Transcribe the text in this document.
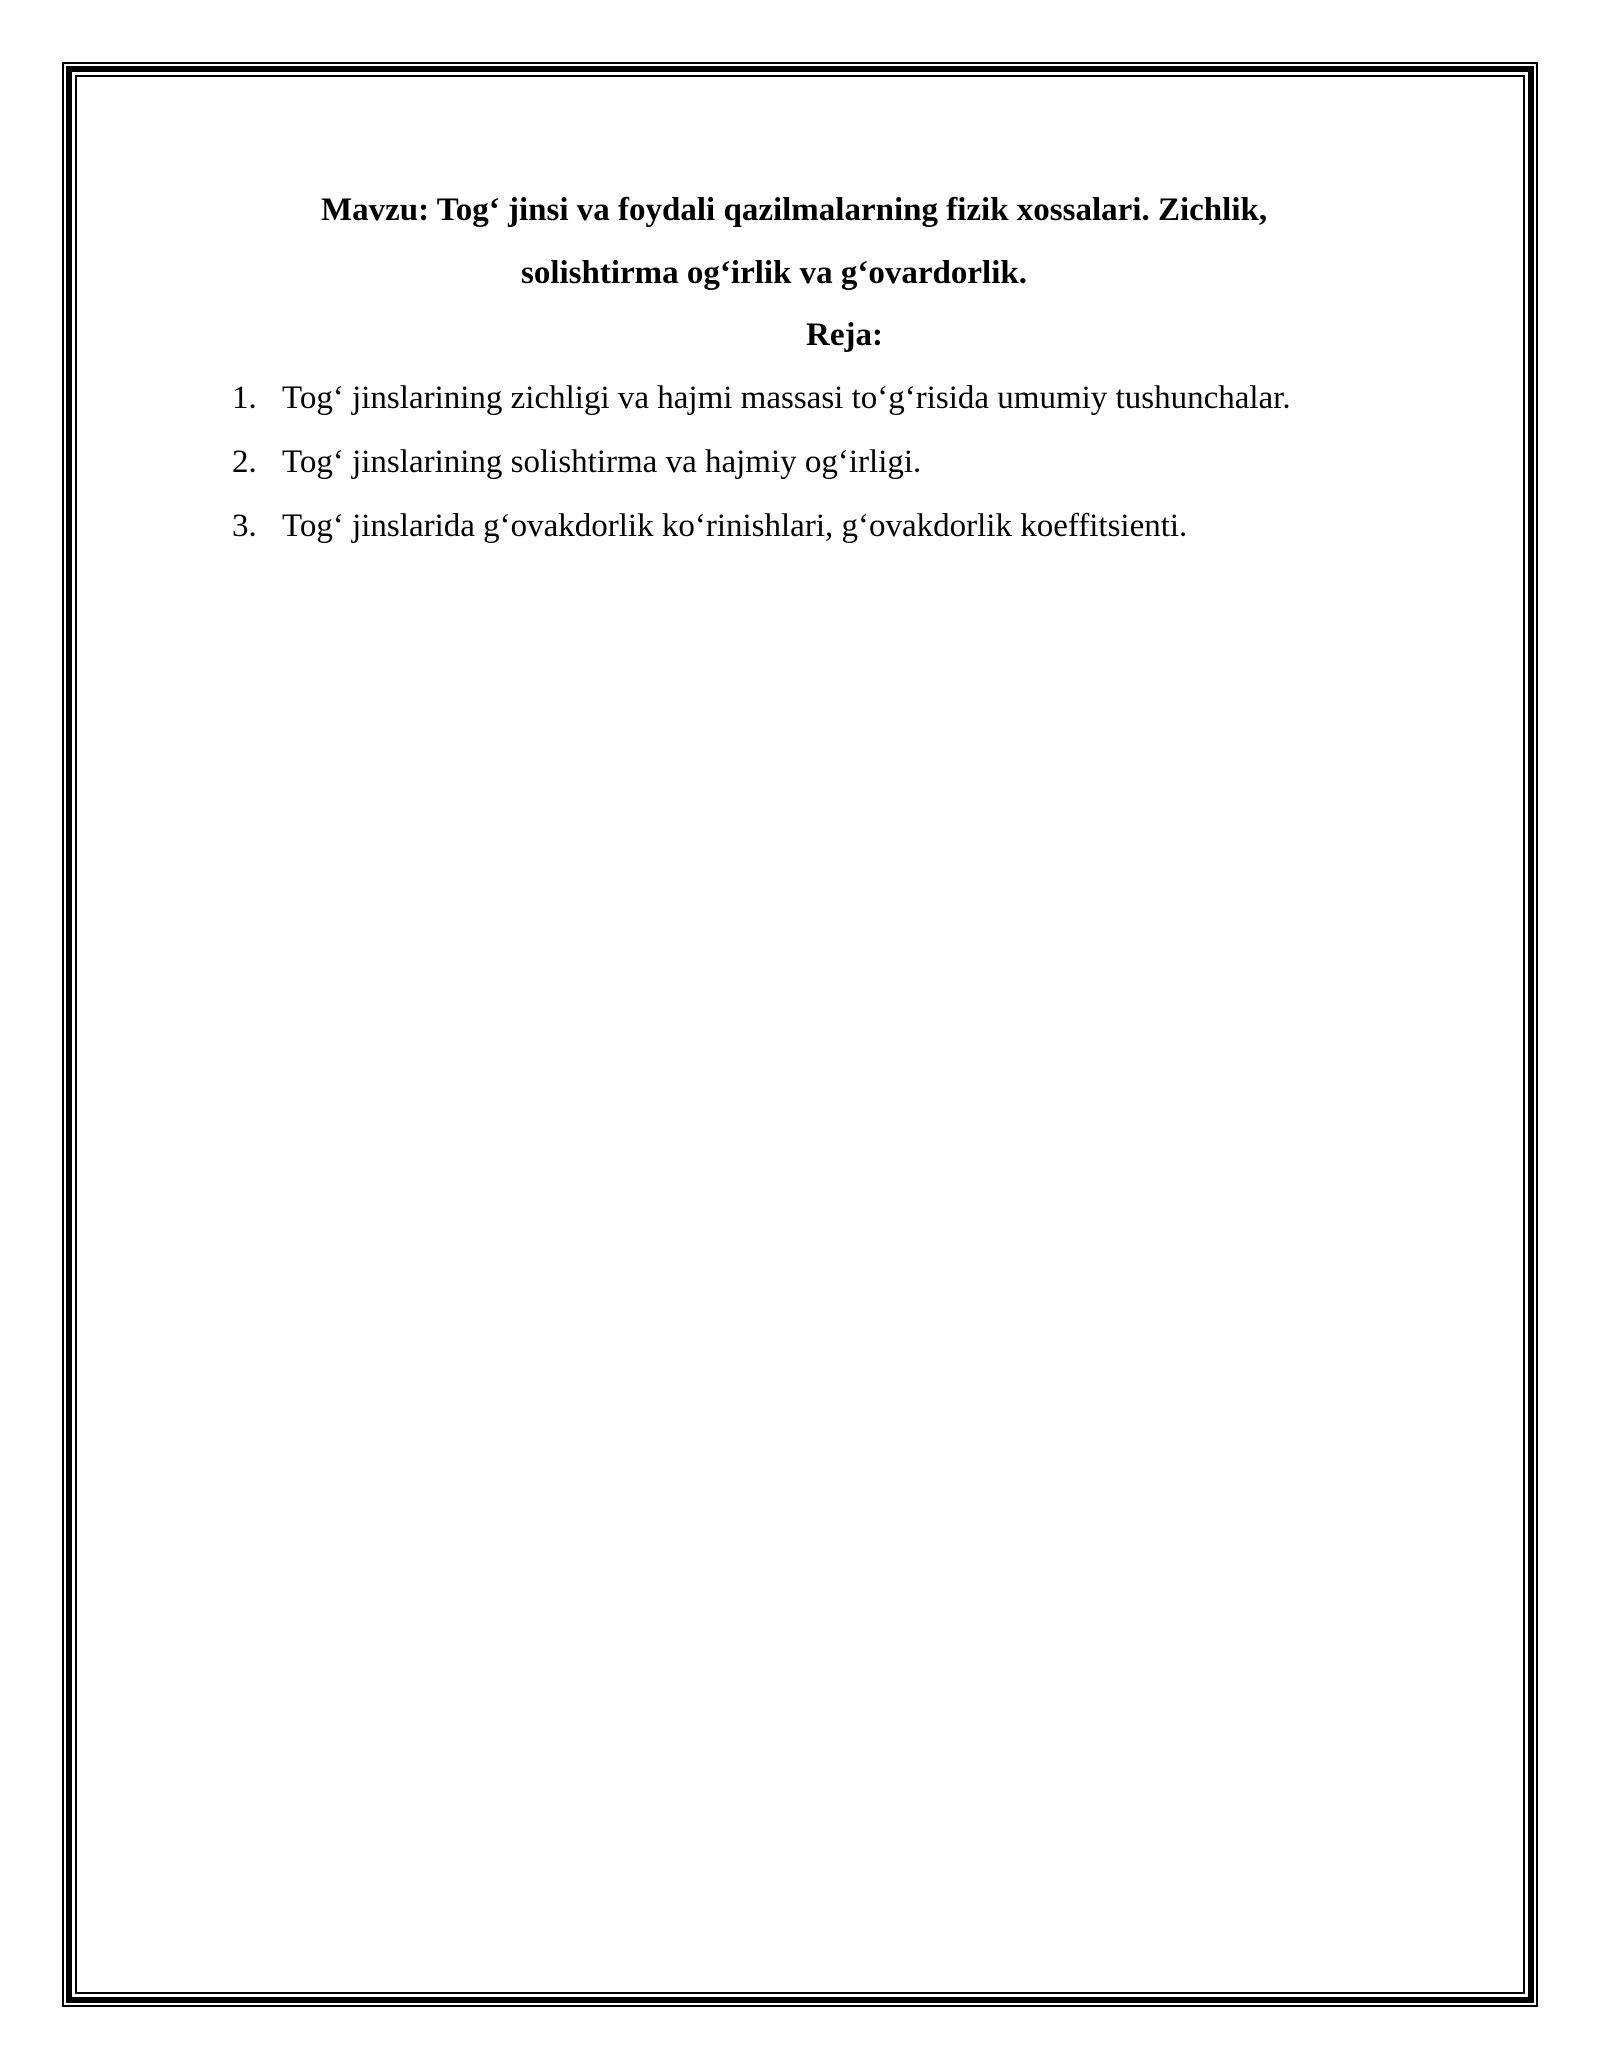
Mavzu: Tog‘ jinsi va foydali qazilmalarning fizik xossalari. Zichlik,
solishtirma og‘irlik va g‘ovardorlik.
Reja:
1. Tog‘ jinslarining zichligi va hajmi massasi to‘g‘risida umumiy tushunchalar.
2. Tog‘ jinslarining solishtirma va hajmiy og‘irligi.
3. Tog‘ jinslarida g‘ovakdorlik ko‘rinishlari, g‘ovakdorlik koeffitsienti.
